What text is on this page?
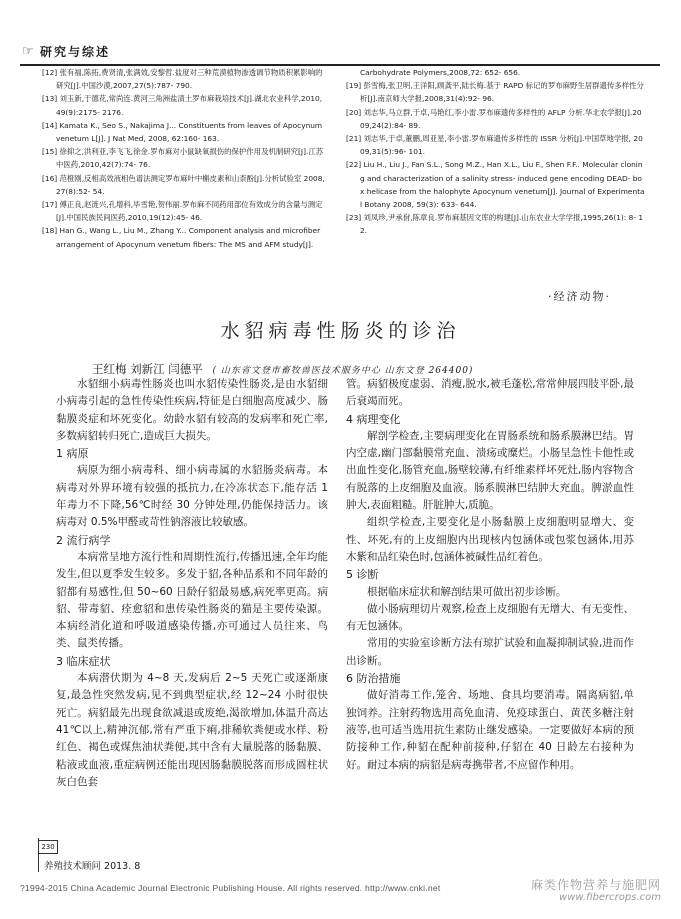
☞ 研究与综述
[12] 张有福,陈拓,费贤清,张满效,安黎哲.盐度对三种荒漠植物渗透调节物质积累影响的研究[J].中国沙漠,2007,27(5):787- 790.
[13] 刘玉新,于德花,常尚连.黄河三角洲盐渍土罗布麻栽培技术[J].湖北农业科学,2010, 49(9):2175- 2176.
[14] Kamata K., Seo S., Nakajima J... Constituents from leaves of Apocynum venetum L[J]. J Nat Med, 2008, 62:160- 163.
[15] 徐抑之,洪利亚,李飞飞,徐金.罗布麻对小鼠缺氧损伤的保护作用及机制研究[J].江苏中医药,2010,42(7):74- 76.
[16] 范橙刚,反相高效液相色谱法测定罗布麻叶中槲皮素和山柰酚[J].分析试验室 2008, 27(8):52- 54.
[17] 傅正良,赵涟兴,孔增科,毕雪艳,贺伟丽.罗布麻不同药用部位有效成分的含量与测定[J].中国民族民间医药,2010,19(12):45- 46.
[18] Han G., Wang L., Liu M., Zhang Y... Component analysis and microfiber arrangement of Apocynum venetum fibers: The MS and AFM study[J].
Carbohydrate Polymers,2008,72: 652- 656.
[19] 彭雪梅,张卫明,王洋阳,顾龚平,陆长梅.基于 RAPD 标记的罗布麻野生居群遗传多样性分析[J].南京师大学报,2008,31(4):92- 96.
[20] 刘志华,马立群,于卓,马艳红,李小雷.罗布麻遗传多样性的 AFLP 分析.华北农学报[J].2009,24(2):84- 89.
[21] 刘志华,于卓,董鹏,周亚星,李小雷.罗布麻遗传多样性的 ISSR 分析[J].中国草地学报, 2009,31(5):96- 101.
[22] Liu H., Liu J., Fan S.L., Song M.Z., Han X.L., Liu F., Shen F.F.. Molecular cloning and characterization of a salinity stress- induced gene encoding DEAD- box helicase from the halophyte Apocynum venetum[J]. Journal of Experimental Botany 2008, 59(3): 633- 644.
[23] 刘凤珍,尹承佾,陈章良.罗布麻基因文库的构建[J].山东农业大学学报,1995,26(1): 8- 12.
·经济动物·
水貂病毒性肠炎的诊治
王红梅 刘新江 闫德平 ( 山东省文登市畜牧兽医技术服务中心 山东文登 264400)

水貂细小病毒性肠炎也叫水貂传染性肠炎,是由水貂细小病毒引起的急性传染性疾病,特征是白细胞高度减少、肠黏膜炎症和坏死变化。幼龄水貂有较高的发病率和死亡率,多数病貂转归死亡,造成巨大损失。

1 病原

病原为细小病毒科、细小病毒属的水貂肠炎病毒。本病毒对外界环境有较强的抵抗力,在冷冻状态下,能存活 1 年毒力不下降,56℃时经 30 分钟处理,仍能保持活力。该病毒对 0.5%甲醛或苛性钠溶液比较敏感。

2 流行病学

本病常呈地方流行性和周期性流行,传播迅速,全年均能发生,但以夏季发生较多。多发于貂,各种品系和不同年龄的貂都有易感性,但 50~60 日龄仔貂最易感,病死率更高。病貂、带毒貂、痊愈貂和患传染性肠炎的猫是主要传染源。本病经消化道和呼吸道感染传播,亦可通过人员往来、鸟类、鼠类传播。

3 临床症状

本病潜伏期为 4~8 天,发病后 2~5 天死亡或逐渐康复,最急性突然发病,见不到典型症状,经 12~24 小时很快死亡。病貂最先出现食欲减退或废绝,渴欲增加,体温升高达 41℃以上,精神沉郁,常有严重下痢,排稀软粪便或水样、粉红色、褐色或煤焦油状粪便,其中含有大量脱落的肠黏膜、粘液或血液,重症病例还能出现因肠黏膜脱落而形成圆柱状灰白色套

管。病貂极度虚弱、消瘦,脱水,被毛蓬松,常常伸展四肢平卧,最后衰竭而死。

4 病理变化

解剖学检查,主要病理变化在胃肠系统和肠系膜淋巴结。胃内空虚,幽门部黏膜常充血、溃疡或糜烂。小肠呈急性卡他性或出血性变化,肠管充血,肠壁较薄,有纤维素样坏死灶,肠内容物含有脱落的上皮细胞及血液。肠系膜淋巴结肿大充血。脾淤血性肿大,表面粗糙。肝脏肿大,质脆。

组织学检查,主要变化是小肠黏膜上皮细胞明显增大、变性、坏死,有的上皮细胞内出现核内包涵体或包浆包涵体,用苏木紫和品红染色时,包涵体被碱性品红着色。

5 诊断

根据临床症状和解剖结果可做出初步诊断。

做小肠病理切片观察,检查上皮细胞有无增大、有无变性、有无包涵体。

常用的实验室诊断方法有琼扩试验和血凝抑制试验,进而作出诊断。

6 防治措施

做好消毒工作,笼舍、场地、食具均要消毒。隔离病貂,单独饲养。注射药物选用高免血清、免疫球蛋白、黄芪多糖注射液等,也可适当选用抗生素防止继发感染。一定要做好本病的预防接种工作,种貂在配种前接种,仔貂在 40 日龄左右接种为好。耐过本病的病貂是病毒携带者,不应留作种用。

230
养殖技术顾问 2013. 8
?1994-2015 China Academic Journal Electronic Publishing House. All rights reserved. http://www.cnki.net	麻类作物营养与施肥网
www.fibercrops.com
